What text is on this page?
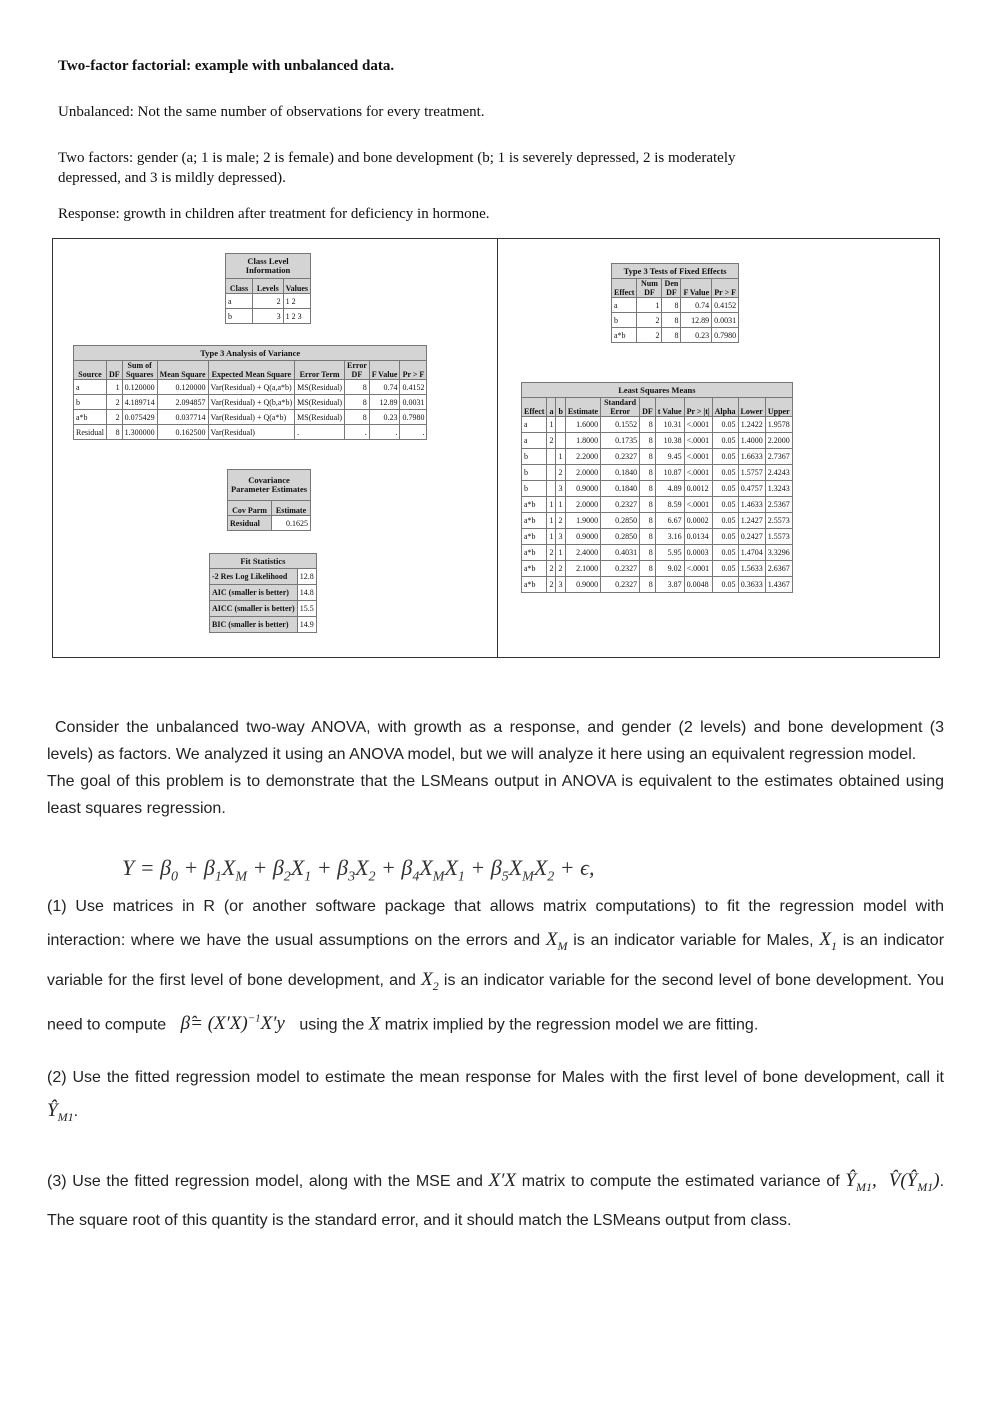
Two-factor factorial: example with unbalanced data.

Unbalanced: Not the same number of observations for every treatment.

Two factors: gender (a; 1 is male; 2 is female) and bone development (b; 1 is severely depressed, 2 is moderately depressed, and 3 is mildly depressed).

Response: growth in children after treatment for deficiency in hormone.

Class Level Information		
Class	Levels	Values
a	2	1 2
b	3	1 2 3
Type 3 Analysis of Variance								
Source	DF	Sum of Squares	Mean Square	Expected Mean Square	Error Term	Error DF	F Value	Pr > F
a	1	0.120000	0.120000	Var(Residual) + Q(a,a*b)	MS(Residual)	8	0.74	0.4152
b	2	4.189714	2.094857	Var(Residual) + Q(b,a*b)	MS(Residual)	8	12.89	0.0031
a*b	2	0.075429	0.037714	Var(Residual) + Q(a*b)	MS(Residual)	8	0.23	0.7980
Residual	8	1.300000	0.162500	Var(Residual)	.	.	.	.
Covariance Parameter Estimates	
Cov Parm	Estimate
Residual	0.1625
Fit Statistics	
-2 Res Log Likelihood	12.8
AIC (smaller is better)	14.8
AICC (smaller is better)	15.5
BIC (smaller is better)	14.9
Type 3 Tests of Fixed Effects				
Effect	Num DF	Den DF	F Value	Pr > F
a	1	8	0.74	0.4152
b	2	8	12.89	0.0031
a*b	2	8	0.23	0.7980
Least Squares Means										
Effect	a	b	Estimate	Standard Error	DF	t Value	Pr > |t|	Alpha	Lower	Upper
a	1		1.6000	0.1552	8	10.31	<.0001	0.05	1.2422	1.9578
a	2		1.8000	0.1735	8	10.38	<.0001	0.05	1.4000	2.2000
b		1	2.2000	0.2327	8	9.45	<.0001	0.05	1.6633	2.7367
b		2	2.0000	0.1840	8	10.87	<.0001	0.05	1.5757	2.4243
b		3	0.9000	0.1840	8	4.89	0.0012	0.05	0.4757	1.3243
a*b	1	1	2.0000	0.2327	8	8.59	<.0001	0.05	1.4633	2.5367
a*b	1	2	1.9000	0.2850	8	6.67	0.0002	0.05	1.2427	2.5573
a*b	1	3	0.9000	0.2850	8	3.16	0.0134	0.05	0.2427	1.5573
a*b	2	1	2.4000	0.4031	8	5.95	0.0003	0.05	1.4704	3.3296
a*b	2	2	2.1000	0.2327	8	9.02	<.0001	0.05	1.5633	2.6367
a*b	2	3	0.9000	0.2327	8	3.87	0.0048	0.05	0.3633	1.4367
$Y = \beta_0 + \beta_1X_M + \beta_2X_1 + \beta_3X_2 + \beta_4X_MX_1 + \beta_5X_MX_2 + \epsilon$,

Consider the unbalanced two-way ANOVA, with growth as a response, and gender (2 levels) and bone development (3 levels) as factors. We analyzed it using an ANOVA model, but we will analyze it here using an equivalent regression model.

The goal of this problem is to demonstrate that the LSMeans output in ANOVA is equivalent to the estimates obtained using least squares regression.

(1) Use matrices in R (or another software package that allows matrix computations) to fit the regression model with interaction: where we have the usual assumptions on the errors and $X_M$ is an indicator variable for Males, $X_1$ is an indicator variable for the first level of bone development, and $X_2$ is an indicator variable for the second level of bone development. You need to compute β̂= $(X'X)^{-1}X'y$ using the X matrix implied by the regression model we are fitting.

(2) Use the fitted regression model to estimate the mean response for Males with the first level of bone development, call it $Ŷ_{M1}$.

(3) Use the fitted regression model, along with the MSE and X′X matrix to compute the estimated variance of $Ŷ_{M1}$,  $V̂(Ŷ_{M1})$. The square root of this quantity is the standard error, and it should match the LSMeans output from class.
